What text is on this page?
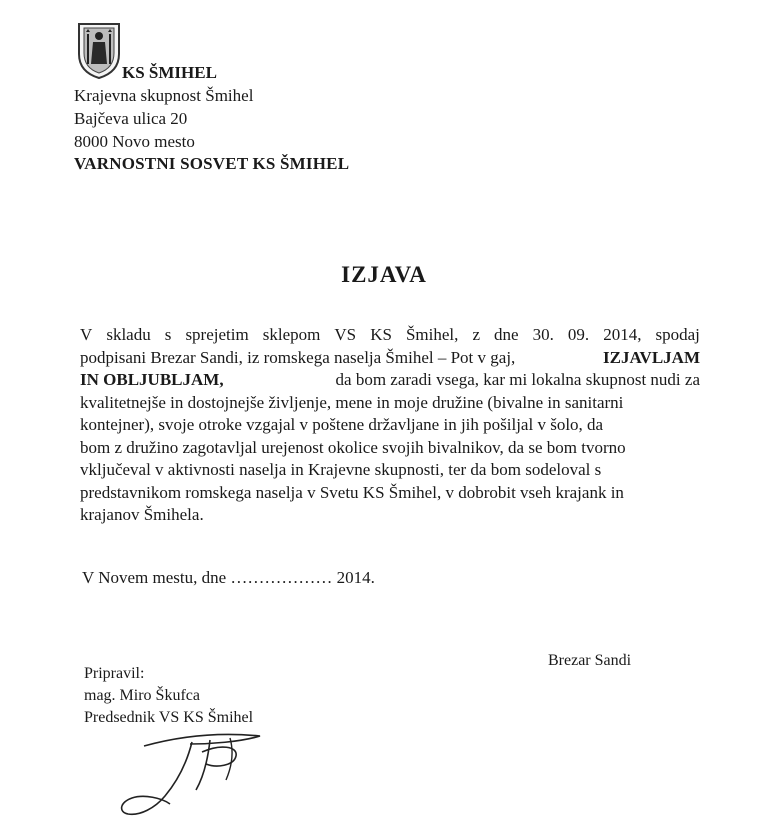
KS ŠMIHEL
Krajevna skupnost Šmihel
Bajčeva ulica 20
8000 Novo mesto
VARNOSTNI SOSVET KS ŠMIHEL
IZJAVA
V skladu s sprejetim sklepom VS KS Šmihel, z dne 30. 09. 2014, spodaj
podpisani Brezar Sandi, iz romskega naselja Šmihel – Pot v gaj,	IZJAVLJAM
IN OBLJUBLJAM,	da bom zaradi vsega, kar mi lokalna skupnost nudi za
kvalitetnejše in dostojnejše življenje, mene in moje družine (bivalne in sanitarni
kontejner), svoje otroke vzgajal v poštene državljane in jih pošiljal v šolo, da
bom z družino zagotavljal urejenost okolice svojih bivalnikov, da se bom tvorno
vključeval v aktivnosti naselja in Krajevne skupnosti, ter da bom sodeloval s
predstavnikom romskega naselja v Svetu KS Šmihel, v dobrobit vseh krajank in
krajanov Šmihela.
V Novem mestu, dne ……………… 2014.
Pripravil:
mag. Miro Škufca
Predsednik VS KS Šmihel
Brezar Sandi
